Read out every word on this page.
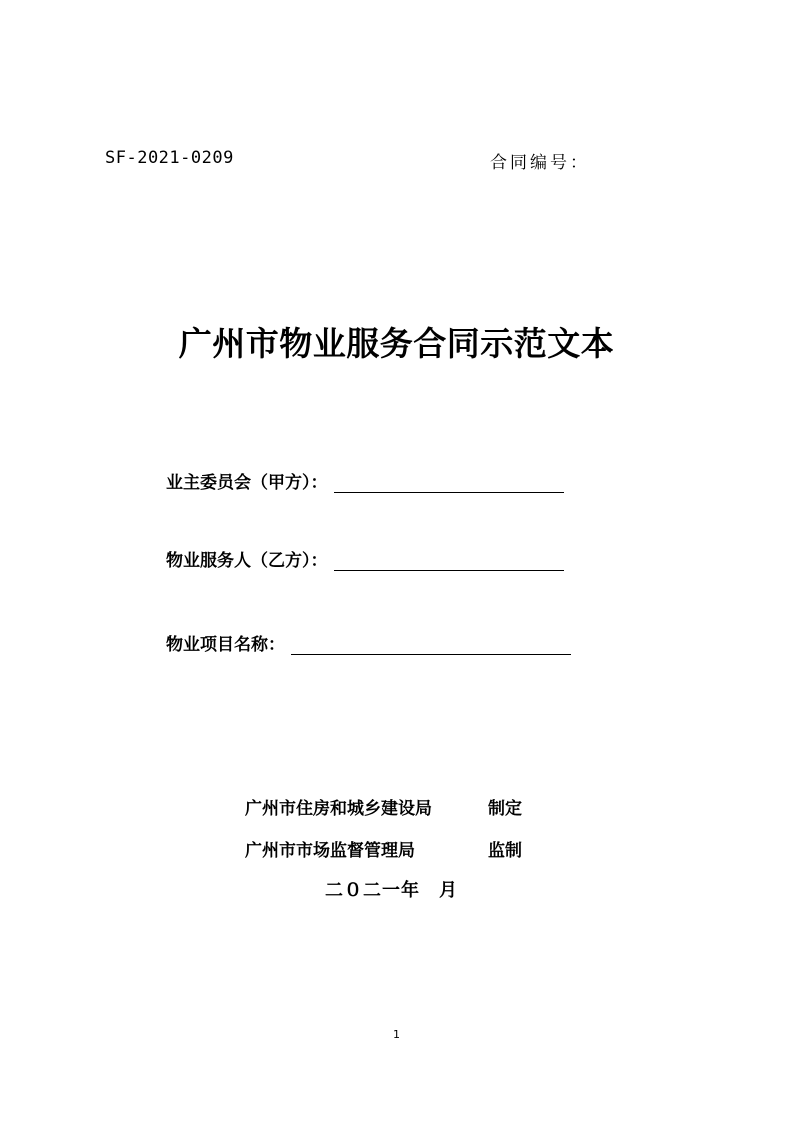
SF-2021-0209	合同编号：
广州市物业服务合同示范文本
业主委员会（甲方）：
物业服务人（乙方）：
物业项目名称：
广州市住房和城乡建设局	制定
广州市市场监督管理局	监制
二０二一年　月
1
